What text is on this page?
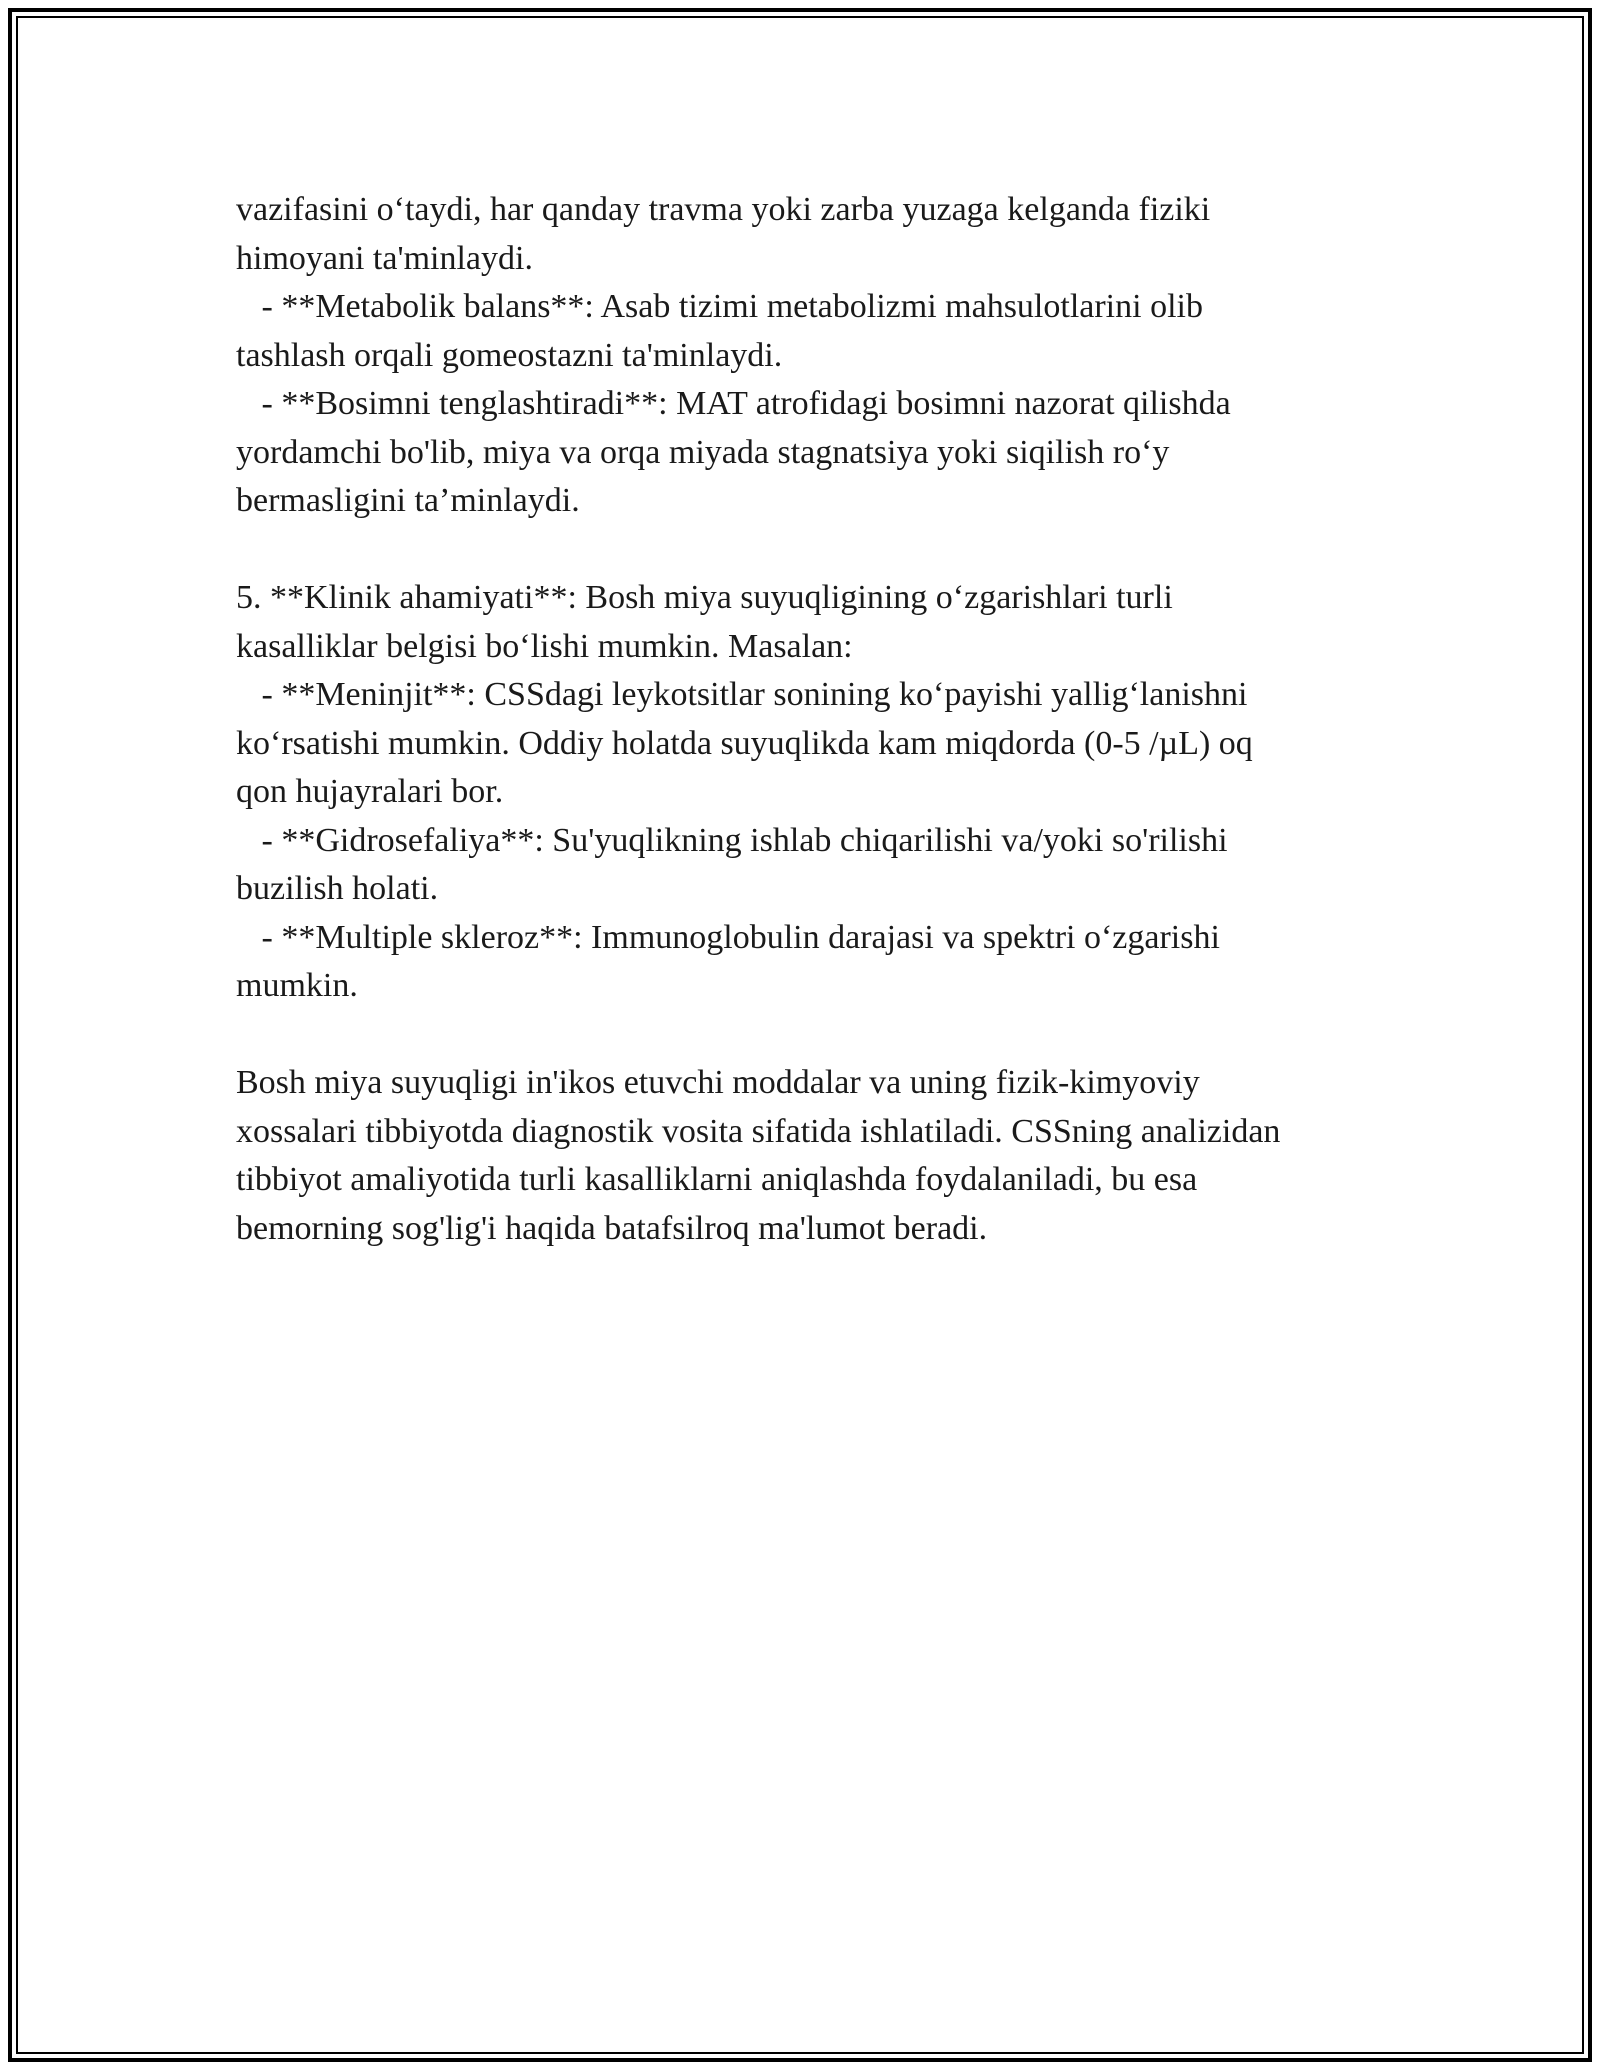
vazifasini o‘taydi, har qanday travma yoki zarba yuzaga kelganda fiziki
himoyani ta'minlaydi.
- **Metabolik balans**: Asab tizimi metabolizmi mahsulotlarini olib
tashlash orqali gomeostazni ta'minlaydi.
- **Bosimni tenglashtiradi**: MAT atrofidagi bosimni nazorat qilishda
yordamchi bo'lib, miya va orqa miyada stagnatsiya yoki siqilish ro‘y
bermasligini ta’minlaydi.
5. **Klinik ahamiyati**: Bosh miya suyuqligining o‘zgarishlari turli
kasalliklar belgisi bo‘lishi mumkin. Masalan:
- **Meninjit**: CSSdagi leykotsitlar sonining ko‘payishi yallig‘lanishni
ko‘rsatishi mumkin. Oddiy holatda suyuqlikda kam miqdorda (0-5 /µL) oq
qon hujayralari bor.
- **Gidrosefaliya**: Su'yuqlikning ishlab chiqarilishi va/yoki so'rilishi
buzilish holati.
- **Multiple skleroz**: Immunoglobulin darajasi va spektri o‘zgarishi
mumkin.
Bosh miya suyuqligi in'ikos etuvchi moddalar va uning fizik-kimyoviy
xossalari tibbiyotda diagnostik vosita sifatida ishlatiladi. CSSning analizidan
tibbiyot amaliyotida turli kasalliklarni aniqlashda foydalaniladi, bu esa
bemorning sog'lig'i haqida batafsilroq ma'lumot beradi.
